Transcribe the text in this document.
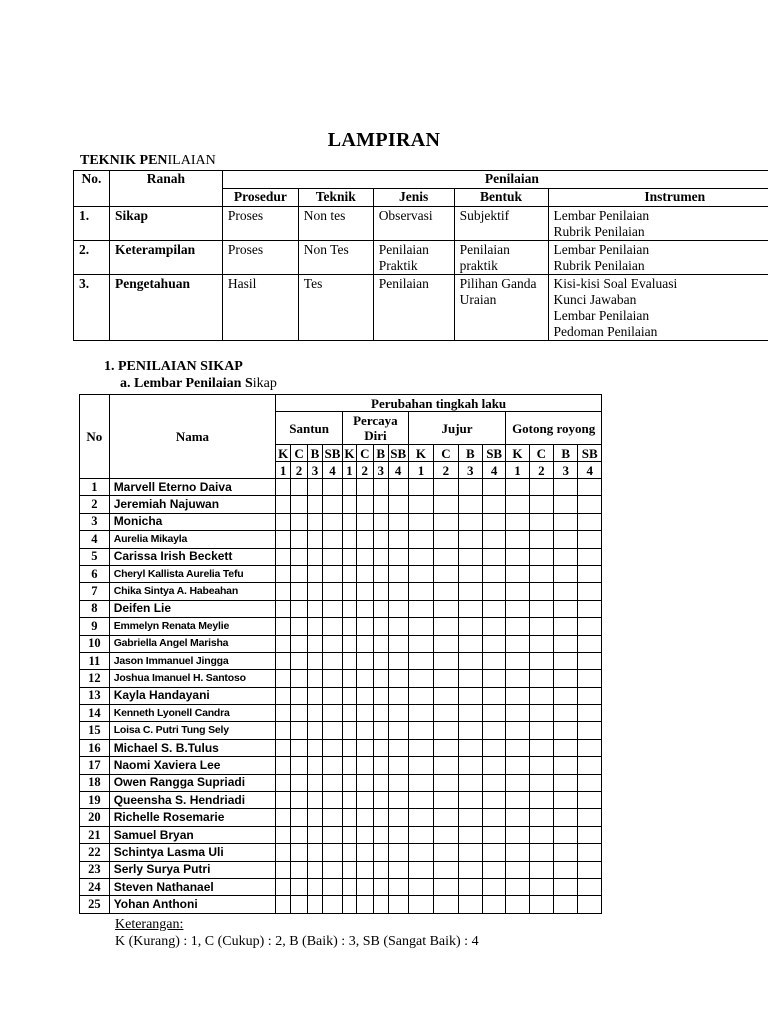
LAMPIRAN
TEKNIK PENILAIAN
No.	Ranah	Penilaian				
		Prosedur	Teknik	Jenis	Bentuk	Instrumen
1.	Sikap	Proses	Non tes	Observasi	Subjektif	Lembar Penilaian
Rubrik Penilaian

2.	Keterampilan	Proses	Non Tes	Penilaian Praktik	Penilaian praktik	Lembar Penilaian
Rubrik Penilaian

3.	Pengetahuan	Hasil	Tes	Penilaian	Pilihan Ganda Uraian	Kisi-kisi Soal Evaluasi
Kunci Jawaban
Lembar Penilaian
Pedoman Penilaian
1. PENILAIAN SIKAP
a. Lembar Penilaian Sikap
No	Nama	Perubahan tingkah laku															
		Santun				Percaya Diri				Jujur				Gotong royong			
		K	C	B	SB	K	C	B	SB	K	C	B	SB	K	C	B	SB
		1	2	3	4	1	2	3	4	1	2	3	4	1	2	3	4
1	Marvell Eterno Daiva																
2	Jeremiah Najuwan																
3	Monicha																
4	Aurelia Mikayla																
5	Carissa Irish Beckett																
6	Cheryl Kallista Aurelia Tefu																
7	Chika Sintya A. Habeahan																
8	Deifen Lie																
9	Emmelyn Renata Meylie																
10	Gabriella Angel Marisha																
11	Jason Immanuel Jingga																
12	Joshua Imanuel H. Santoso																
13	Kayla Handayani																
14	Kenneth Lyonell Candra																
15	Loisa C. Putri Tung Sely																
16	Michael S. B.Tulus																
17	Naomi Xaviera Lee																
18	Owen Rangga Supriadi																
19	Queensha S. Hendriadi																
20	Richelle Rosemarie																
21	Samuel Bryan																
22	Schintya Lasma Uli																
23	Serly Surya Putri																
24	Steven Nathanael																
25	Yohan Anthoni																
Keterangan:
K (Kurang) : 1, C (Cukup) : 2, B (Baik) : 3, SB (Sangat Baik) : 4
